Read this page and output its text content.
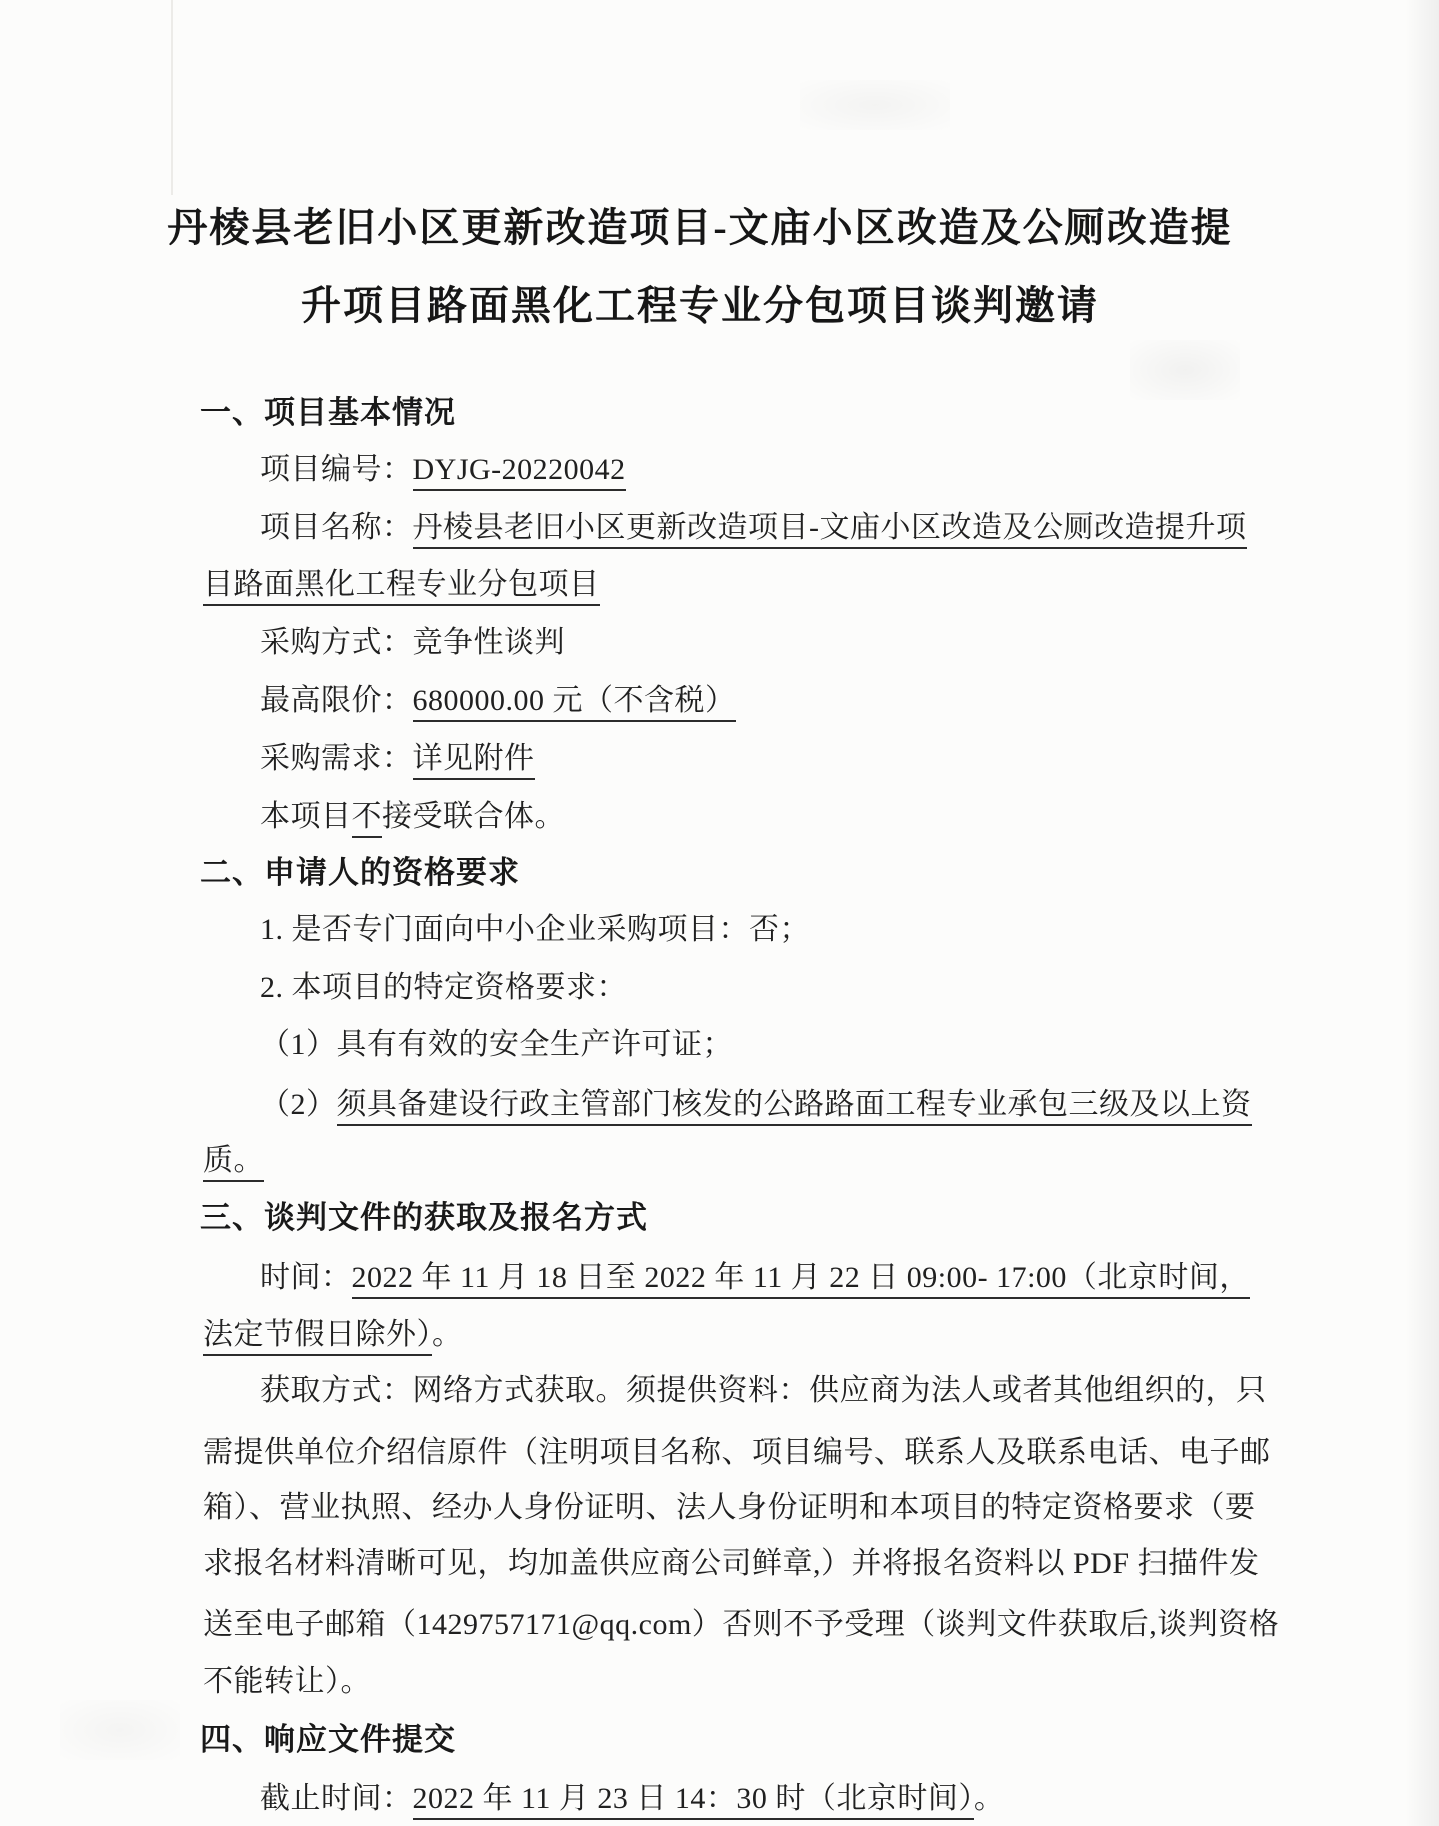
丹棱县老旧小区更新改造项目-文庙小区改造及公厕改造提
升项目路面黑化工程专业分包项目谈判邀请
一、项目基本情况
项目编号：DYJG-20220042
项目名称：丹棱县老旧小区更新改造项目-文庙小区改造及公厕改造提升项
目路面黑化工程专业分包项目
采购方式：竞争性谈判
最高限价：680000.00 元（不含税）
采购需求：详见附件
本项目不接受联合体。
二、申请人的资格要求
1. 是否专门面向中小企业采购项目：否；
2. 本项目的特定资格要求：
（1）具有有效的安全生产许可证；
（2）须具备建设行政主管部门核发的公路路面工程专业承包三级及以上资
质。
三、谈判文件的获取及报名方式
时间：2022 年 11 月 18 日至 2022 年 11 月 22 日 09:00- 17:00（北京时间，
法定节假日除外）。
获取方式：网络方式获取。须提供资料：供应商为法人或者其他组织的，只
需提供单位介绍信原件（注明项目名称、项目编号、联系人及联系电话、电子邮
箱）、营业执照、经办人身份证明、法人身份证明和本项目的特定资格要求（要
求报名材料清晰可见，均加盖供应商公司鲜章,）并将报名资料以 PDF 扫描件发
送至电子邮箱（1429757171@qq.com）否则不予受理（谈判文件获取后,谈判资格
不能转让）。
四、响应文件提交
截止时间：2022 年 11 月 23 日 14：30 时（北京时间）。
